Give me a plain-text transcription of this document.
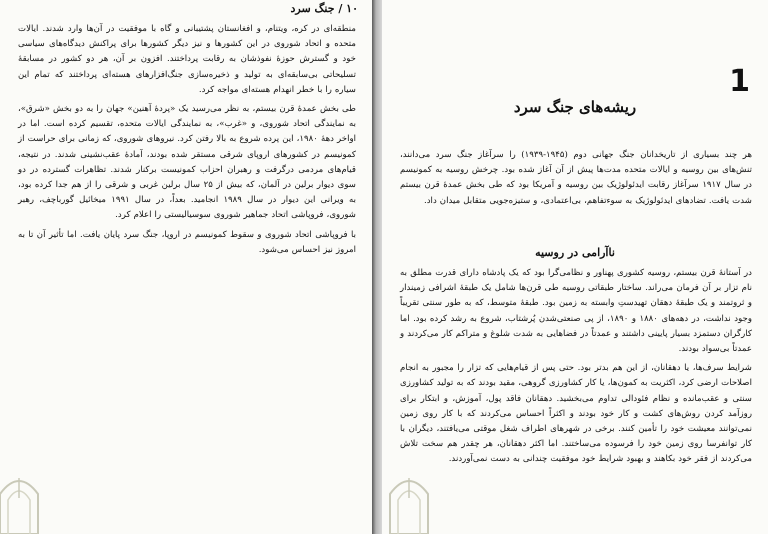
۱۰ / جنگ سرد

منطقه‌ای در کره، ویتنام، و افغانستان پشتیبانی و گاه با موفقیت در آن‌ها وارد شدند. ایالات متحده و اتحاد شوروی در این کشورها و نیز دیگر کشورها برای پراکنش دیدگاه‌های سیاسی خود و گسترش حوزهٔ نفوذشان به رقابت پرداختند. افزون بر آن، هر دو کشور در مسابقهٔ تسلیحاتی بی‌سابقه‌ای به تولید و ذخیره‌سازی جنگ‌افزارهای هسته‌ای پرداختند که تمام این سیاره را با خطر انهدام هسته‌ای مواجه کرد.

طی بخش عمدهٔ قرن بیستم، به نظر می‌رسید یک «پردهٔ آهنین» جهان را به دو بخش «شرق»، به نمایندگی اتحاد شوروی، و «غرب»، به نمایندگی ایالات متحده، تقسیم کرده است. اما در اواخر دههٔ ۱۹۸۰، این پرده شروع به بالا رفتن کرد. نیروهای شوروی، که زمانی برای حراست از کمونیسم در کشورهای اروپای شرقی مستقر شده بودند، آمادهٔ عقب‌نشینی شدند. در نتیجه، قیام‌های مردمی درگرفت و رهبران احزاب کمونیست برکنار شدند. تظاهرات گسترده در دو سوی دیوار برلین در آلمان، که بیش از ۲۵ سال برلین غربی و شرقی را از هم جدا کرده بود، به ویرانی این دیوار در سال ۱۹۸۹ انجامید. بعداً، در سال ۱۹۹۱ میخائیل گورباچف، رهبر شوروی، فروپاشی اتحاد جماهیر شوروی سوسیالیستی را اعلام کرد.

با فروپاشی اتحاد شوروی و سقوط کمونیسم در اروپا، جنگ سرد پایان یافت. اما تأثیر آن تا به امروز نیز احساس می‌شود.

1
ریشه‌های جنگ سرد

هر چند بسیاری از تاریخدانان جنگ جهانی دوم (۱۹۴۵-۱۹۳۹) را سرآغاز جنگ سرد می‌دانند، تنش‌های بین روسیه و ایالات متحده مدت‌ها پیش از آن آغاز شده بود. چرخش روسیه به کمونیسم در سال ۱۹۱۷ سرآغاز رقابت ایدئولوژیک بین روسیه و آمریکا بود که طی بخش عمدهٔ قرن بیستم شدت یافت. تضادهای ایدئولوژیک به سوءتفاهم، بی‌اعتمادی، و ستیزه‌جویی متقابل میدان داد.

ناآرامی در روسیه

در آستانهٔ قرن بیستم، روسیه کشوری پهناور و نظامی‌گرا بود که یک پادشاه دارای قدرت مطلق به نام تزار بر آن فرمان می‌راند. ساختار طبقاتی روسیه طی قرن‌ها شامل یک طبقهٔ اشرافی زمیندار و ثروتمند و یک طبقهٔ دهقان تهیدستِ وابسته به زمین بود. طبقهٔ متوسط، که به طور سنتی تقریباً وجود نداشت، در دهه‌های ۱۸۸۰ و ۱۸۹۰، از پی صنعتی‌شدن پُرشتاب، شروع به رشد کرده بود. اما کارگران دستمزد بسیار پایینی داشتند و عمدتاً در فضاهایی به شدت شلوغ و متراکم کار می‌کردند و عمدتاً بی‌سواد بودند.

شرایط سرف‌ها، یا دهقانان، از این هم بدتر بود. حتی پس از قیام‌هایی که تزار را مجبور به انجام اصلاحات ارضی کرد، اکثریت به کمون‌ها، یا کار کشاورزی گروهی، مقید بودند که به تولید کشاورزی سنتی و عقب‌مانده و نظام فئودالی تداوم می‌بخشید. دهقانان فاقد پول، آموزش، و ابتکار برای روزآمد کردن روش‌های کشت و کار خود بودند و اکثراً احساس می‌کردند که با کار روی زمین نمی‌توانند معیشت خود را تأمین کنند. برخی در شهرهای اطراف شغل موقتی می‌یافتند، دیگران با کار توانفرسا روی زمین خود را فرسوده می‌ساختند. اما اکثر دهقانان، هر چقدر هم سخت تلاش می‌کردند از فقر خود بکاهند و بهبود شرایط خود موفقیت چندانی به دست نمی‌آوردند.
